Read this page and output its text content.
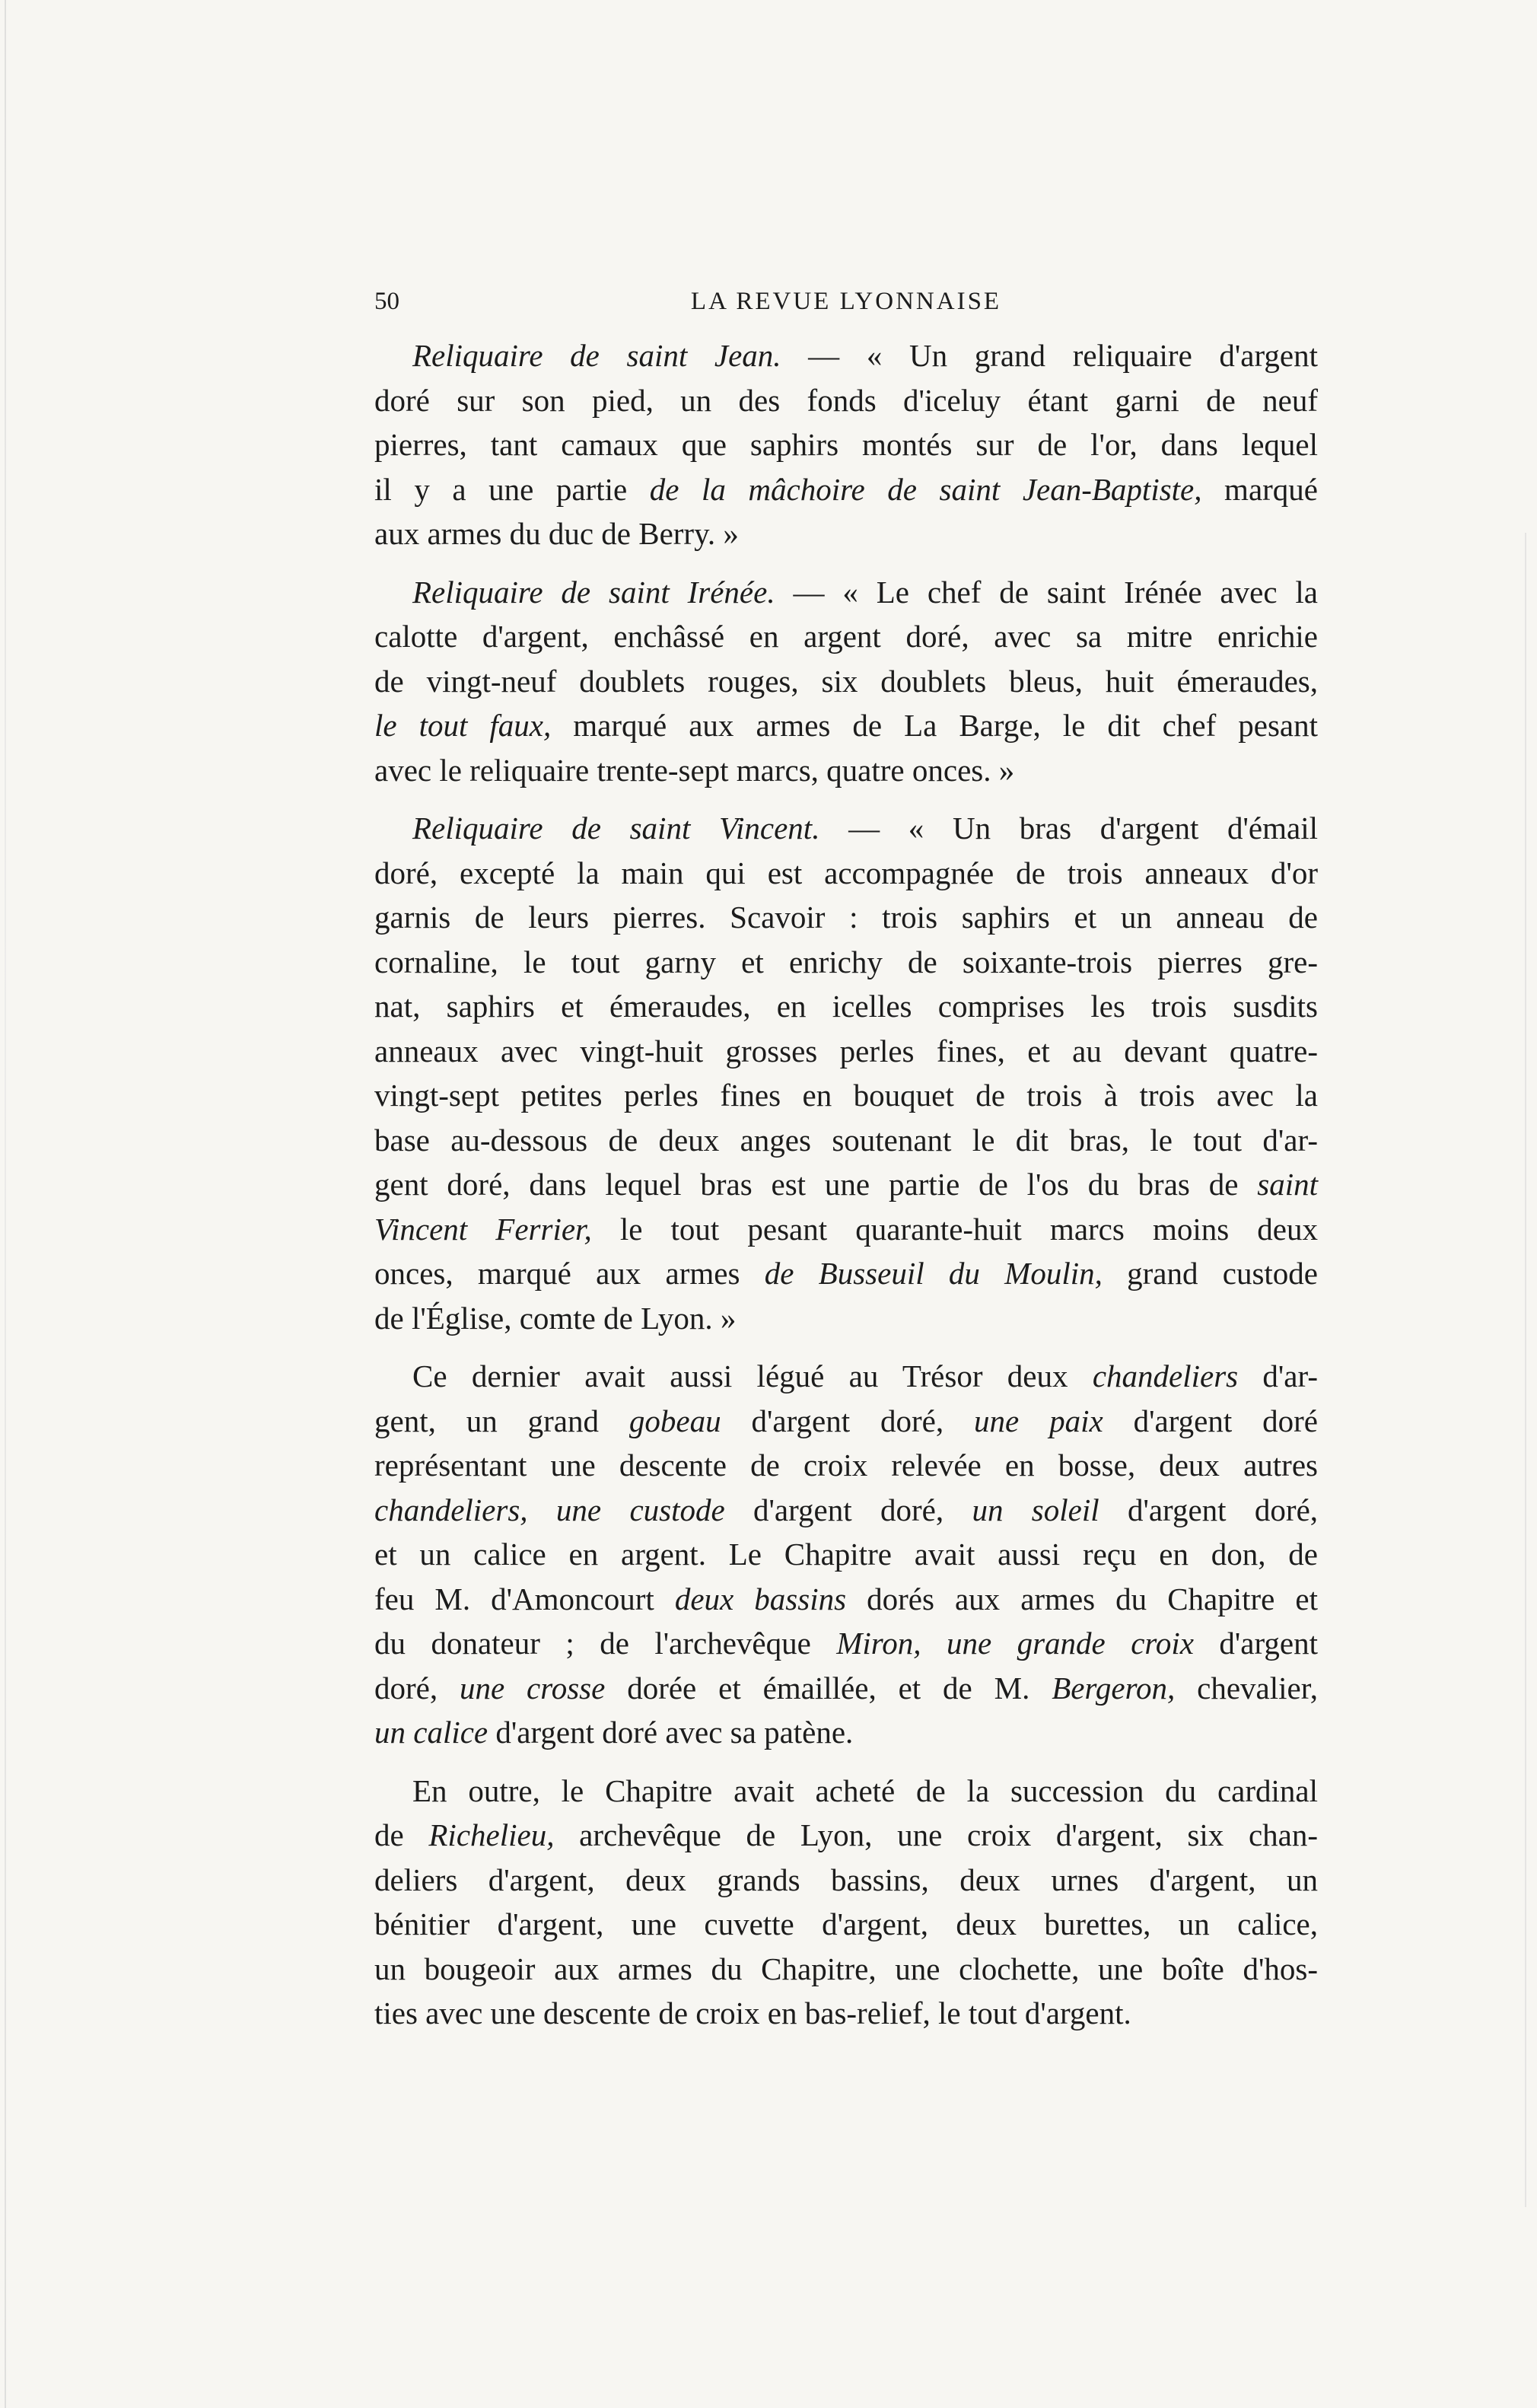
50	LA REVUE LYONNAISE
Reliquaire de saint Jean. — « Un grand reliquaire d'argent
doré sur son pied, un des fonds d'iceluy étant garni de neuf
pierres, tant camaux que saphirs montés sur de l'or, dans lequel
il y a une partie de la mâchoire de saint Jean-Baptiste, marqué
aux armes du duc de Berry. »
Reliquaire de saint Irénée. — « Le chef de saint Irénée avec la
calotte d'argent, enchâssé en argent doré, avec sa mitre enrichie
de vingt-neuf doublets rouges, six doublets bleus, huit émeraudes,
le tout faux, marqué aux armes de La Barge, le dit chef pesant
avec le reliquaire trente-sept marcs, quatre onces. »
Reliquaire de saint Vincent. — « Un bras d'argent d'émail
doré, excepté la main qui est accompagnée de trois anneaux d'or
garnis de leurs pierres. Scavoir : trois saphirs et un anneau de
cornaline, le tout garny et enrichy de soixante-trois pierres gre-
nat, saphirs et émeraudes, en icelles comprises les trois susdits
anneaux avec vingt-huit grosses perles fines, et au devant quatre-
vingt-sept petites perles fines en bouquet de trois à trois avec la
base au-dessous de deux anges soutenant le dit bras, le tout d'ar-
gent doré, dans lequel bras est une partie de l'os du bras de saint
Vincent Ferrier, le tout pesant quarante-huit marcs moins deux
onces, marqué aux armes de Busseuil du Moulin, grand custode
de l'Église, comte de Lyon. »
Ce dernier avait aussi légué au Trésor deux chandeliers d'ar-
gent, un grand gobeau d'argent doré, une paix d'argent doré
représentant une descente de croix relevée en bosse, deux autres
chandeliers, une custode d'argent doré, un soleil d'argent doré,
et un calice en argent. Le Chapitre avait aussi reçu en don, de
feu M. d'Amoncourt deux bassins dorés aux armes du Chapitre et
du donateur ; de l'archevêque Miron, une grande croix d'argent
doré, une crosse dorée et émaillée, et de M. Bergeron, chevalier,
un calice d'argent doré avec sa patène.
En outre, le Chapitre avait acheté de la succession du cardinal
de Richelieu, archevêque de Lyon, une croix d'argent, six chan-
deliers d'argent, deux grands bassins, deux urnes d'argent, un
bénitier d'argent, une cuvette d'argent, deux burettes, un calice,
un bougeoir aux armes du Chapitre, une clochette, une boîte d'hos-
ties avec une descente de croix en bas-relief, le tout d'argent.
